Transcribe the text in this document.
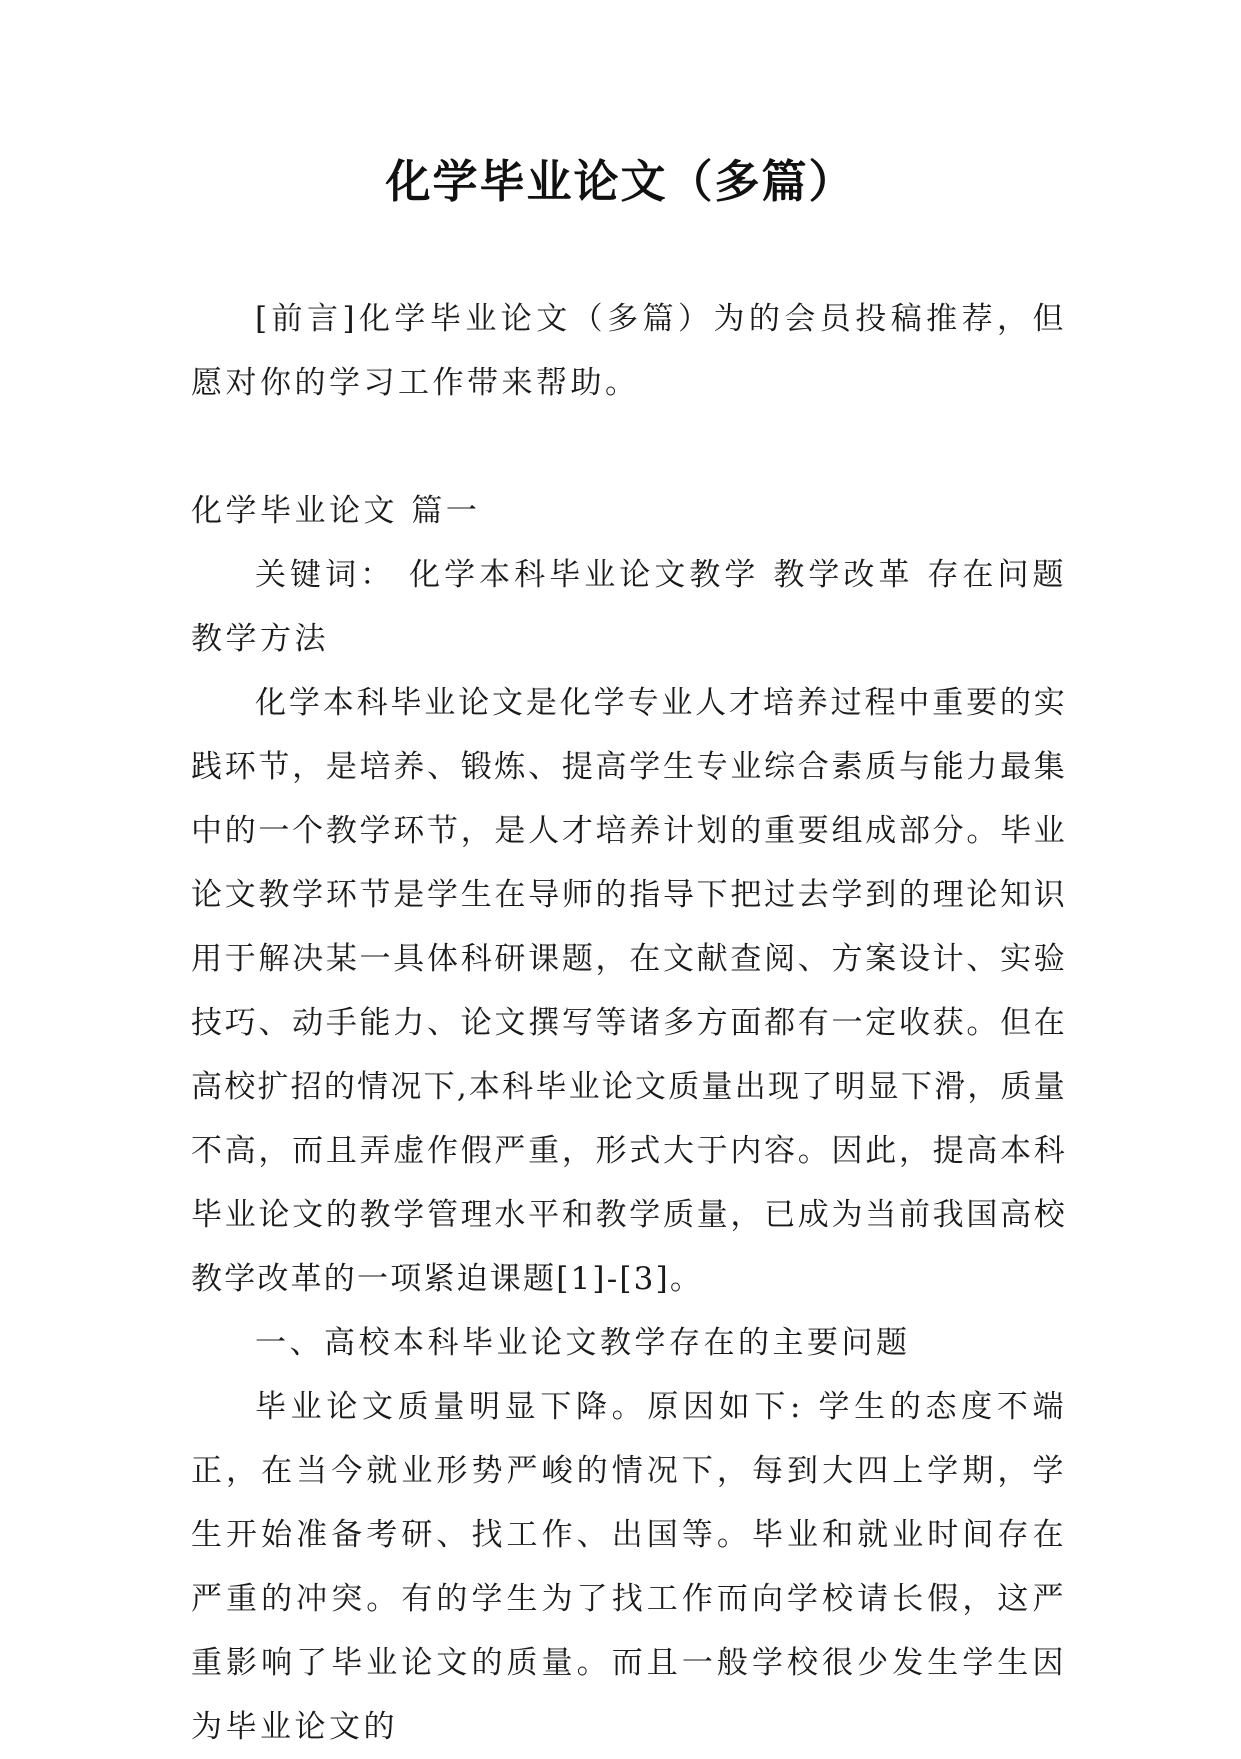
化学毕业论文（多篇）

[前言]化学毕业论文（多篇）为的会员投稿推荐，但愿对你的学习工作带来帮助。

化学毕业论文 篇一

关键词： 化学本科毕业论文教学 教学改革 存在问题 教学方法

化学本科毕业论文是化学专业人才培养过程中重要的实践环节，是培养、锻炼、提高学生专业综合素质与能力最集中的一个教学环节，是人才培养计划的重要组成部分。毕业论文教学环节是学生在导师的指导下把过去学到的理论知识用于解决某一具体科研课题，在文献查阅、方案设计、实验技巧、动手能力、论文撰写等诸多方面都有一定收获。但在高校扩招的情况下,本科毕业论文质量出现了明显下滑，质量不高，而且弄虚作假严重，形式大于内容。因此，提高本科毕业论文的教学管理水平和教学质量，已成为当前我国高校教学改革的一项紧迫课题[1]-[3]。

一、高校本科毕业论文教学存在的主要问题

毕业论文质量明显下降。原因如下: 学生的态度不端正，在当今就业形势严峻的情况下，每到大四上学期，学生开始准备考研、找工作、出国等。毕业和就业时间存在严重的冲突。有的学生为了找工作而向学校请长假，这严重影响了毕业论文的质量。而且一般学校很少发生学生因为毕业论文的
